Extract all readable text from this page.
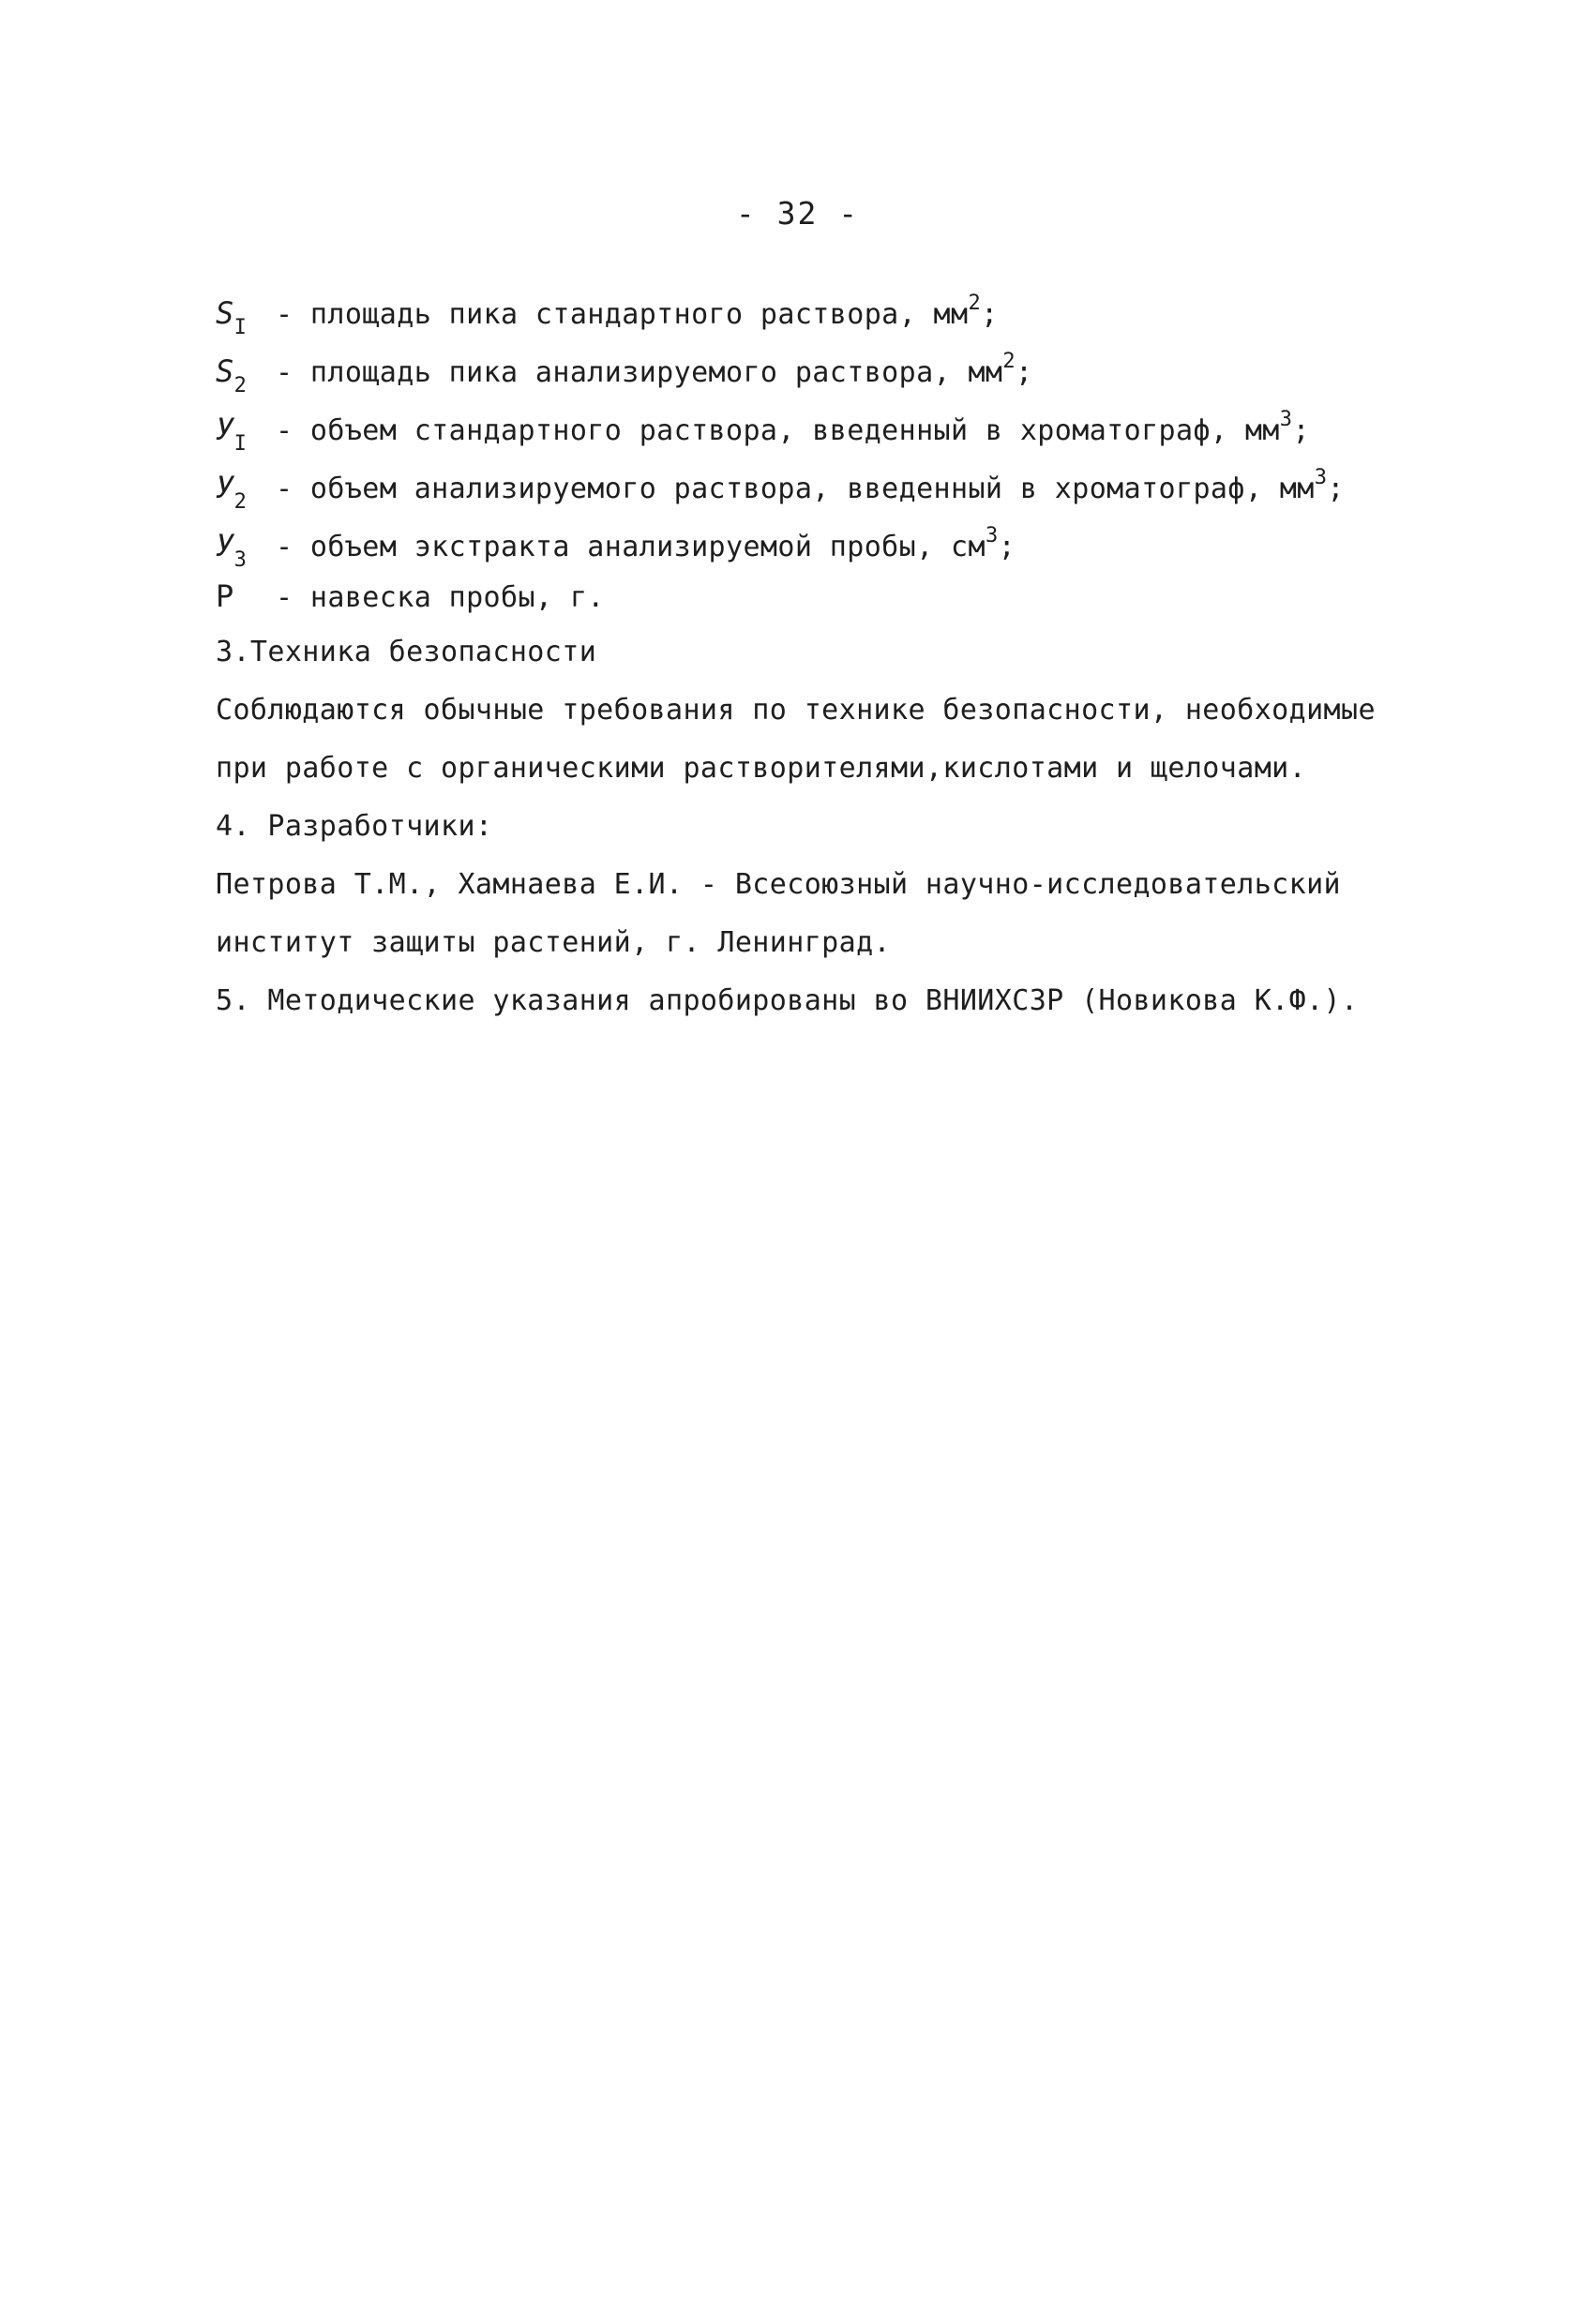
- 32 -
$S_I$ - площадь пика стандартного раствора, $мм^2$;
$S_2$ - площадь пика анализируемого раствора, $мм^2$;
$У_I$ - объем стандартного раствора, введенный в хроматограф, $мм^3$;
$У_2$ - объем анализируемого раствора, введенный в хроматограф, $мм^3$;
$У_3$ - объем экстракта анализируемой пробы, $см^3$;
Р - навеска пробы, г.
3.Техника безопасности
Соблюдаются обычные требования по технике безопасности, необходимые
при работе с органическими растворителями,кислотами и щелочами.
4. Разработчики:
Петрова Т.М., Хамнаева Е.И. - Всесоюзный научно-исследовательский
институт защиты растений, г. Ленинград.
5. Методические указания апробированы во ВНИИХСЗР (Новикова К.Ф.).
